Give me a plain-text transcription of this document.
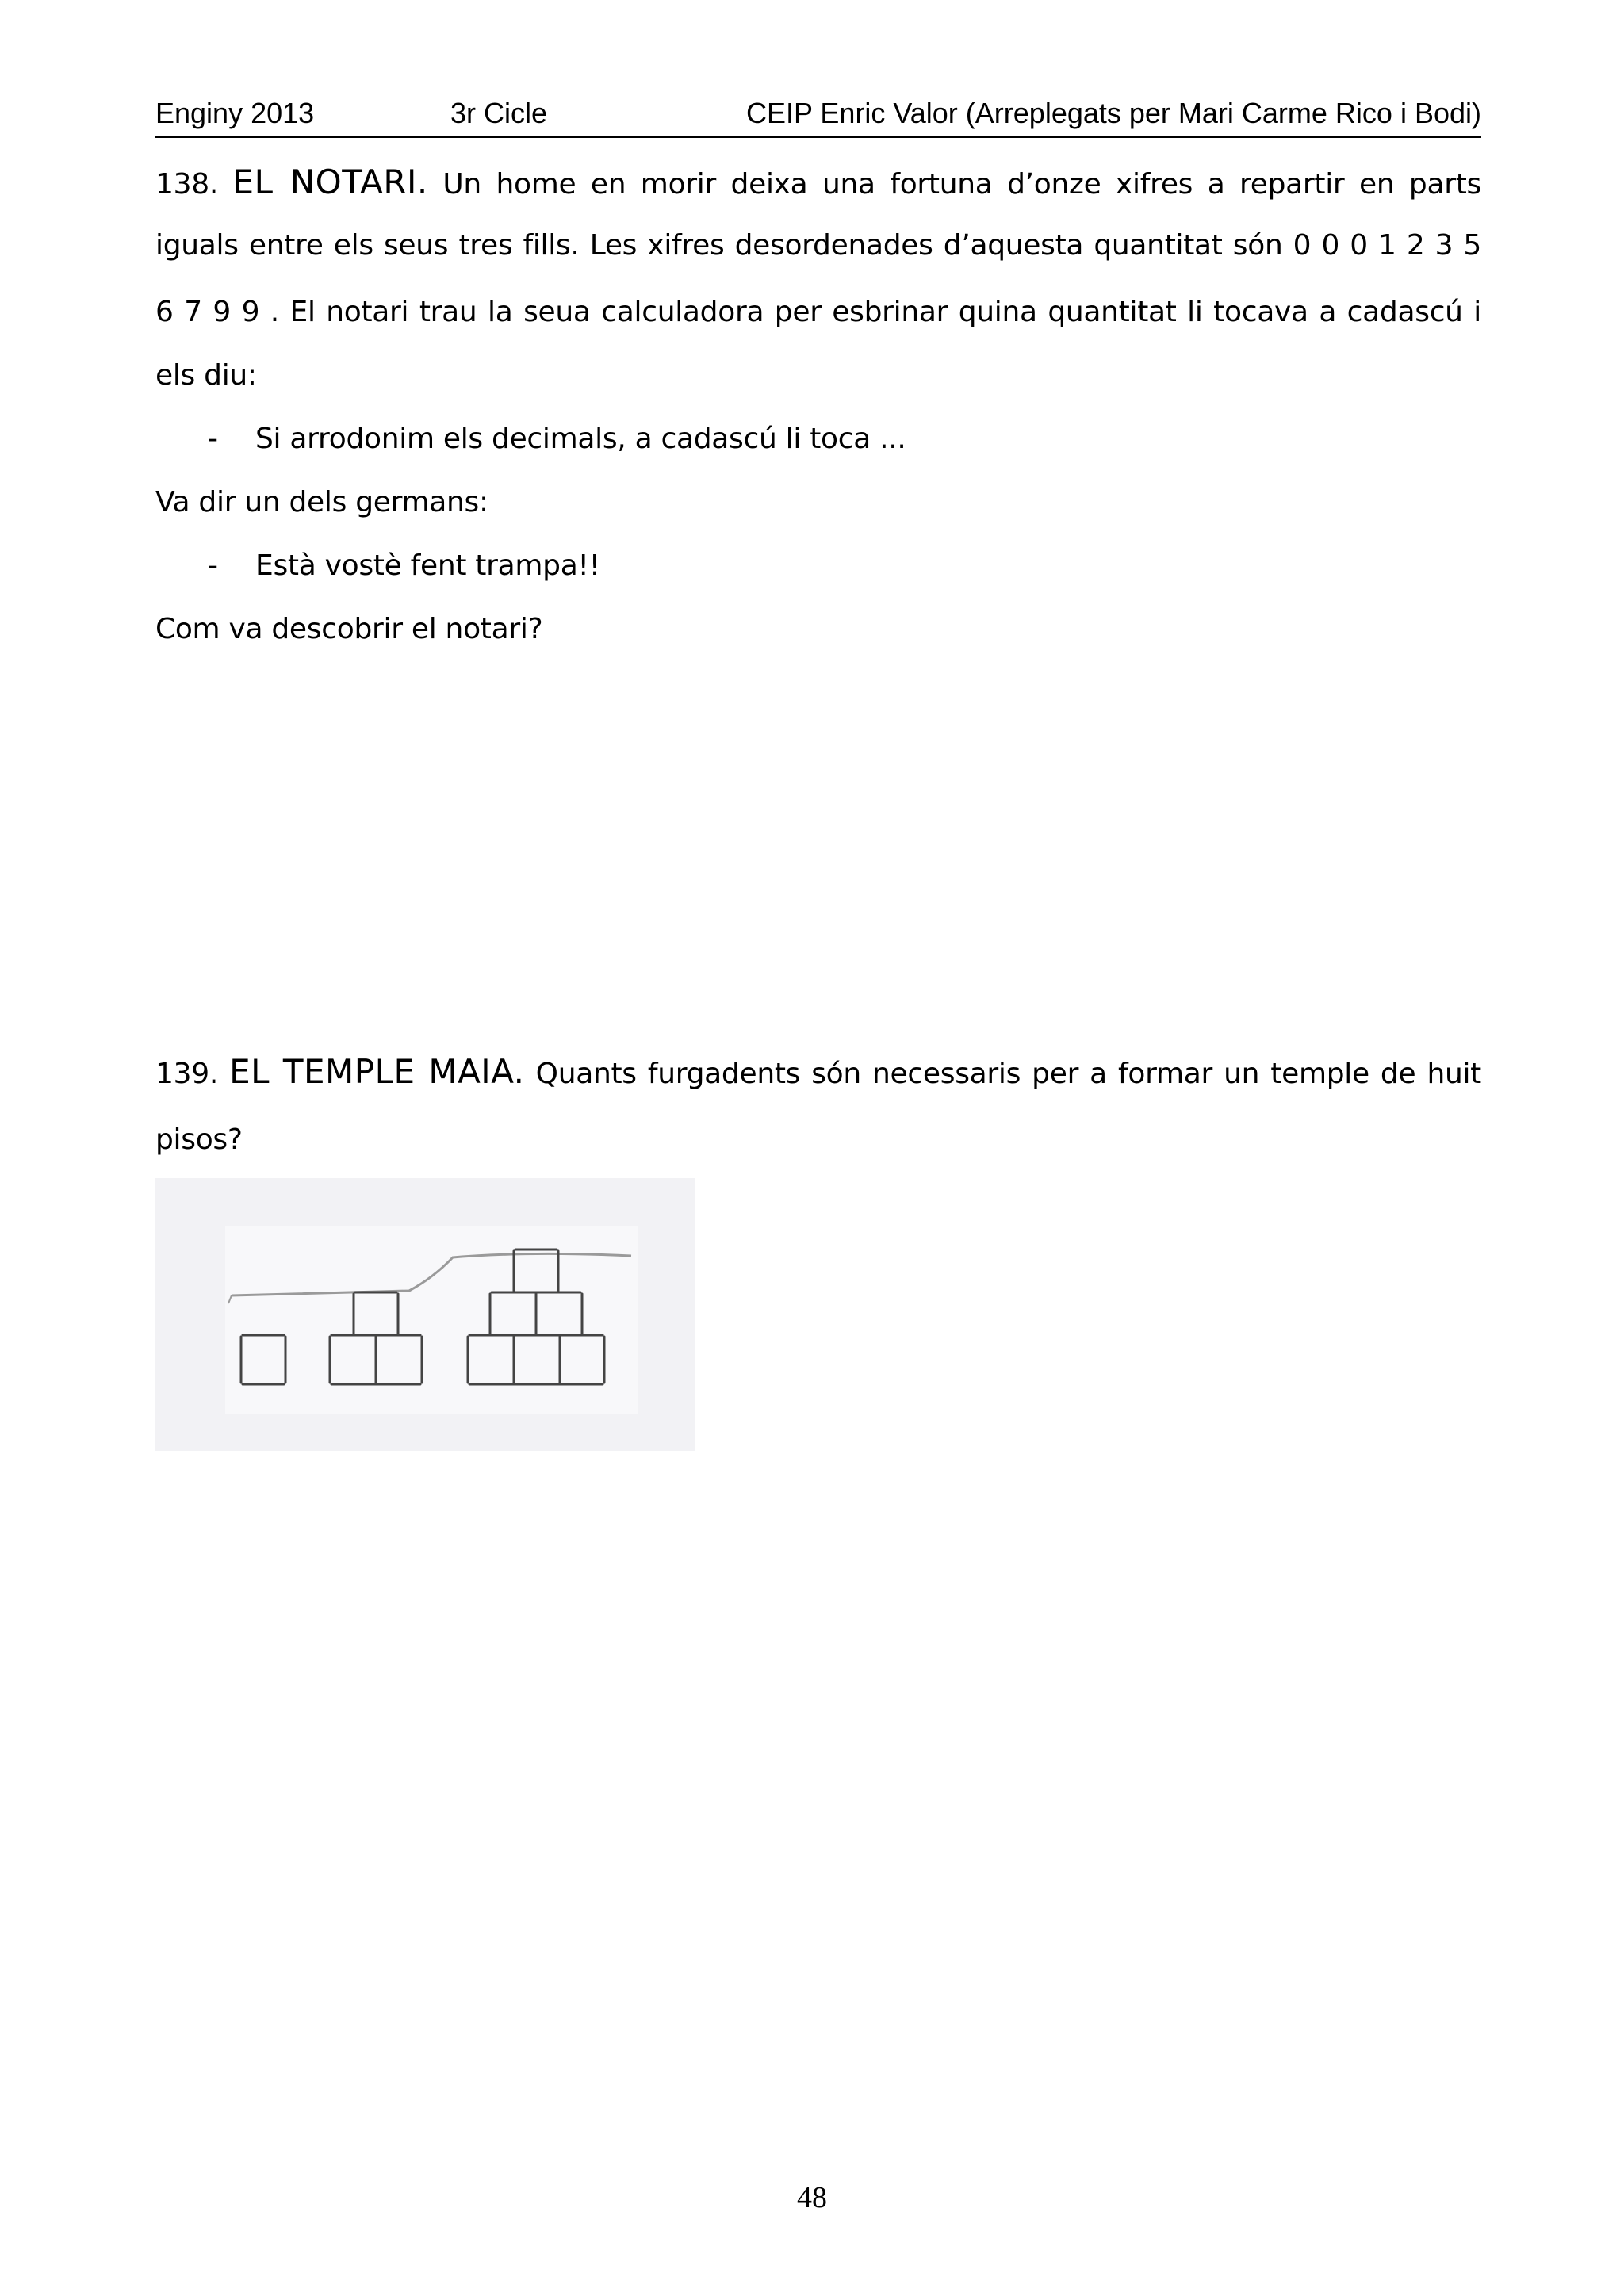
Enginy 2013	3r Cicle	CEIP Enric Valor (Arreplegats per Mari Carme Rico i Bodi)
138. EL NOTARI. Un home en morir deixa una fortuna d’onze xifres a repartir en parts
iguals entre els seus tres fills. Les xifres desordenades d’aquesta quantitat són 0 0 0 1 2 3 5
6 7 9 9 . El notari trau la seua calculadora per esbrinar quina quantitat li tocava a cadascú i
els diu:
- Si arrodonim els decimals, a cadascú li toca ...
Va dir un dels germans:
- Està vostè fent trampa!!
Com va descobrir el notari?
139. EL TEMPLE MAIA. Quants furgadents són necessaris per a formar un temple de huit
pisos?
48
